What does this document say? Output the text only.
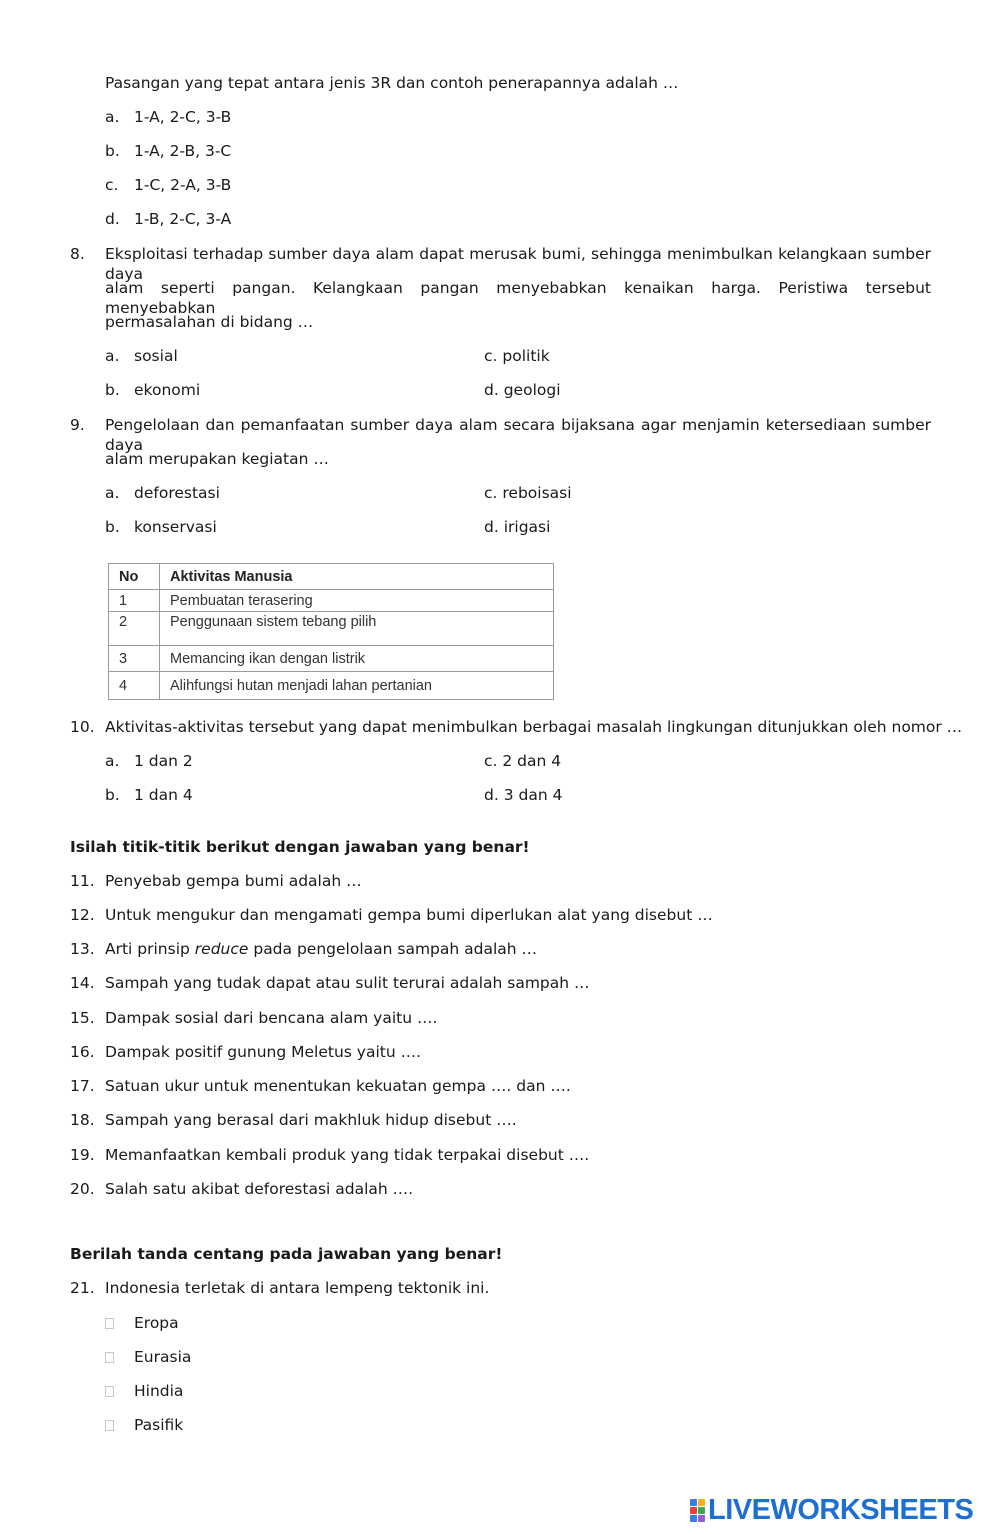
Pasangan yang tepat antara jenis 3R dan contoh penerapannya adalah …
a. 1-A, 2-C, 3-B
b. 1-A, 2-B, 3-C
c. 1-C, 2-A, 3-B
d. 1-B, 2-C, 3-A
8. Eksploitasi terhadap sumber daya alam dapat merusak bumi, sehingga menimbulkan kelangkaan sumber daya
alam seperti pangan. Kelangkaan pangan menyebabkan kenaikan harga. Peristiwa tersebut menyebabkan
permasalahan di bidang …
a. sosial	c. politik
b. ekonomi	d. geologi
9. Pengelolaan dan pemanfaatan sumber daya alam secara bijaksana agar menjamin ketersediaan sumber daya
alam merupakan kegiatan …
a. deforestasi	c. reboisasi
b. konservasi	d. irigasi
No	Aktivitas Manusia
1	Pembuatan terasering
2	Penggunaan sistem tebang pilih
3	Memancing ikan dengan listrik
4	Alihfungsi hutan menjadi lahan pertanian
10. Aktivitas-aktivitas tersebut yang dapat menimbulkan berbagai masalah lingkungan ditunjukkan oleh nomor …
a. 1 dan 2	c. 2 dan 4
b. 1 dan 4	d. 3 dan 4
Isilah titik-titik berikut dengan jawaban yang benar!
11. Penyebab gempa bumi adalah …
12. Untuk mengukur dan mengamati gempa bumi diperlukan alat yang disebut …
13. Arti prinsip reduce pada pengelolaan sampah adalah …
14. Sampah yang tudak dapat atau sulit terurai adalah sampah …
15. Dampak sosial dari bencana alam yaitu ….
16. Dampak positif gunung Meletus yaitu ….
17. Satuan ukur untuk menentukan kekuatan gempa …. dan ….
18. Sampah yang berasal dari makhluk hidup disebut ….
19. Memanfaatkan kembali produk yang tidak terpakai disebut ….
20. Salah satu akibat deforestasi adalah ….
Berilah tanda centang pada jawaban yang benar!
21. Indonesia terletak di antara lempeng tektonik ini.
Eropa
Eurasia
Hindia
Pasifik
LIVEWORKSHEETS
